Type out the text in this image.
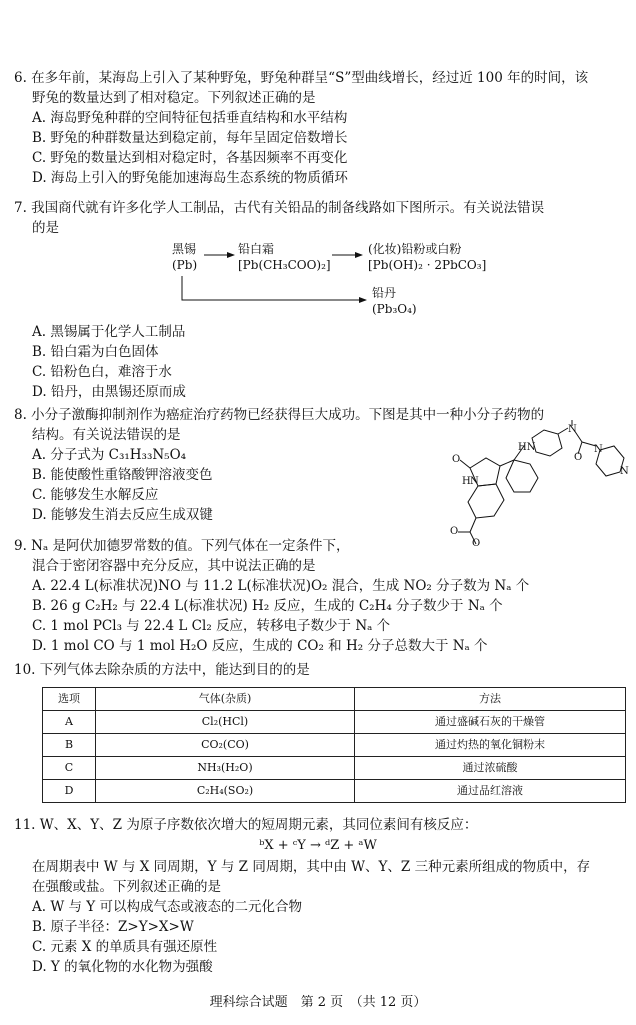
6. 在多年前，某海岛上引入了某种野兔，野兔种群呈“S”型曲线增长，经过近 100 年的时间，该
野兔的数量达到了相对稳定。下列叙述正确的是
A. 海岛野兔种群的空间特征包括垂直结构和水平结构
B. 野兔的种群数量达到稳定前，每年呈固定倍数增长
C. 野兔的数量达到相对稳定时，各基因频率不再变化
D. 海岛上引入的野兔能加速海岛生态系统的物质循环
7. 我国商代就有许多化学人工制品，古代有关铅品的制备线路如下图所示。有关说法错误
的是
黑锡
(Pb)
铅白霜
[Pb(CH₃COO)₂]
(化妆)铅粉或白粉
[Pb(OH)₂ · 2PbCO₃]
铅丹
(Pb₃O₄)
A. 黑锡属于化学人工制品
B. 铅白霜为白色固体
C. 铅粉色白，难溶于水
D. 铅丹，由黑锡还原而成
8. 小分子激酶抑制剂作为癌症治疗药物已经获得巨大成功。下图是其中一种小分子药物的
结构。有关说法错误的是
A. 分子式为 C₃₁H₃₃N₅O₄
B. 能使酸性重铬酸钾溶液变色
C. 能够发生水解反应
D. 能够发生消去反应生成双键
O
H N
HN
N
O
N
N
O
O
9. Nₐ 是阿伏加德罗常数的值。下列气体在一定条件下，
混合于密闭容器中充分反应，其中说法正确的是
A. 22.4 L(标准状况)NO 与 11.2 L(标准状况)O₂ 混合，生成 NO₂ 分子数为 Nₐ 个
B. 26 g C₂H₂ 与 22.4 L(标准状况) H₂ 反应，生成的 C₂H₄ 分子数少于 Nₐ 个
C. 1 mol PCl₃ 与 22.4 L Cl₂ 反应，转移电子数少于 Nₐ 个
D. 1 mol CO 与 1 mol H₂O 反应，生成的 CO₂ 和 H₂ 分子总数大于 Nₐ 个
10. 下列气体去除杂质的方法中，能达到目的的是
选项	气体(杂质)	方法
A	Cl₂(HCl)	通过盛碱石灰的干燥管
B	CO₂(CO)	通过灼热的氧化铜粉末
C	NH₃(H₂O)	通过浓硫酸
D	C₂H₄(SO₂)	通过品红溶液
11. W、X、Y、Z 为原子序数依次增大的短周期元素，其同位素间有核反应：
ᵇX + ᶜY → ᵈZ + ᵃW
在周期表中 W 与 X 同周期，Y 与 Z 同周期，其中由 W、Y、Z 三种元素所组成的物质中，存
在强酸或盐。下列叙述正确的是
A. W 与 Y 可以构成气态或液态的二元化合物
B. 原子半径：Z>Y>X>W
C. 元素 X 的单质具有强还原性
D. Y 的氧化物的水化物为强酸
理科综合试题　第 2 页　（共 12 页）
